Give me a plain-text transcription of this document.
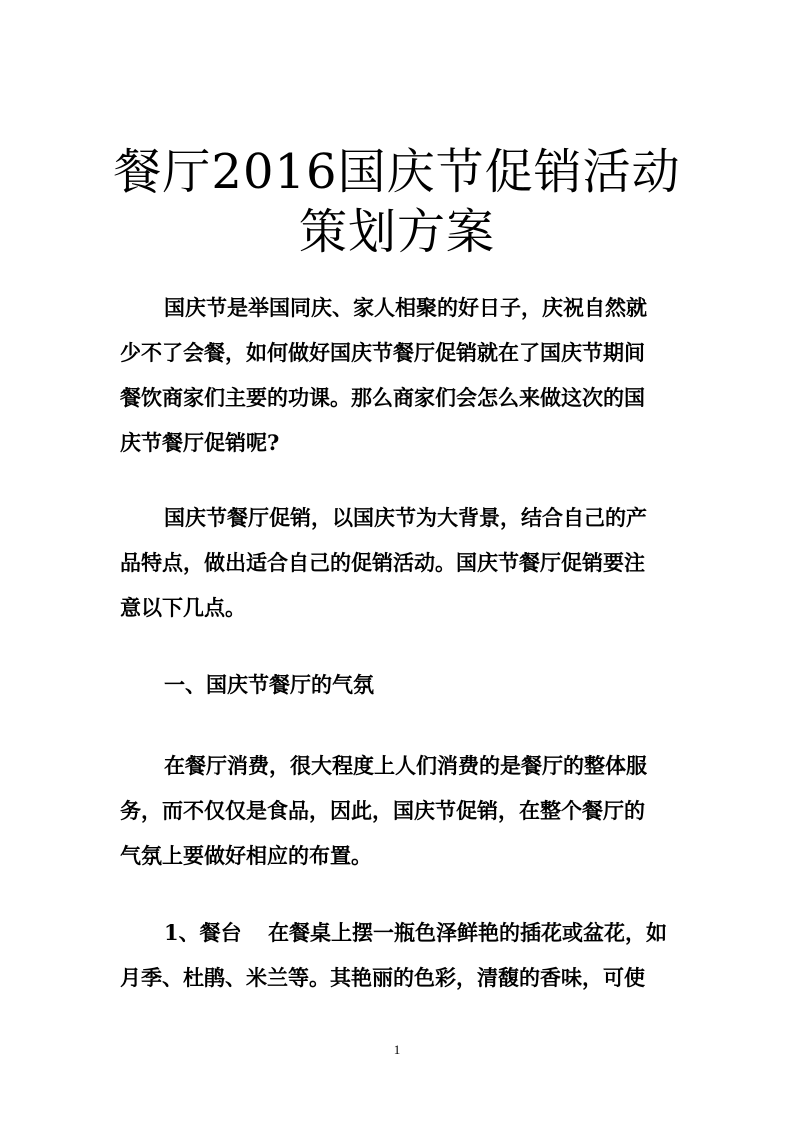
餐厅2016国庆节促销活动
策划方案
国庆节是举国同庆、家人相聚的好日子，庆祝自然就
少不了会餐，如何做好国庆节餐厅促销就在了国庆节期间
餐饮商家们主要的功课。那么商家们会怎么来做这次的国
庆节餐厅促销呢?
国庆节餐厅促销，以国庆节为大背景，结合自己的产
品特点，做出适合自己的促销活动。国庆节餐厅促销要注
意以下几点。
一、国庆节餐厅的气氛
在餐厅消费，很大程度上人们消费的是餐厅的整体服
务，而不仅仅是食品，因此，国庆节促销，在整个餐厅的
气氛上要做好相应的布置。
1、餐台 在餐桌上摆一瓶色泽鲜艳的插花或盆花，如
月季、杜鹃、米兰等。其艳丽的色彩，清馥的香味，可使
1
